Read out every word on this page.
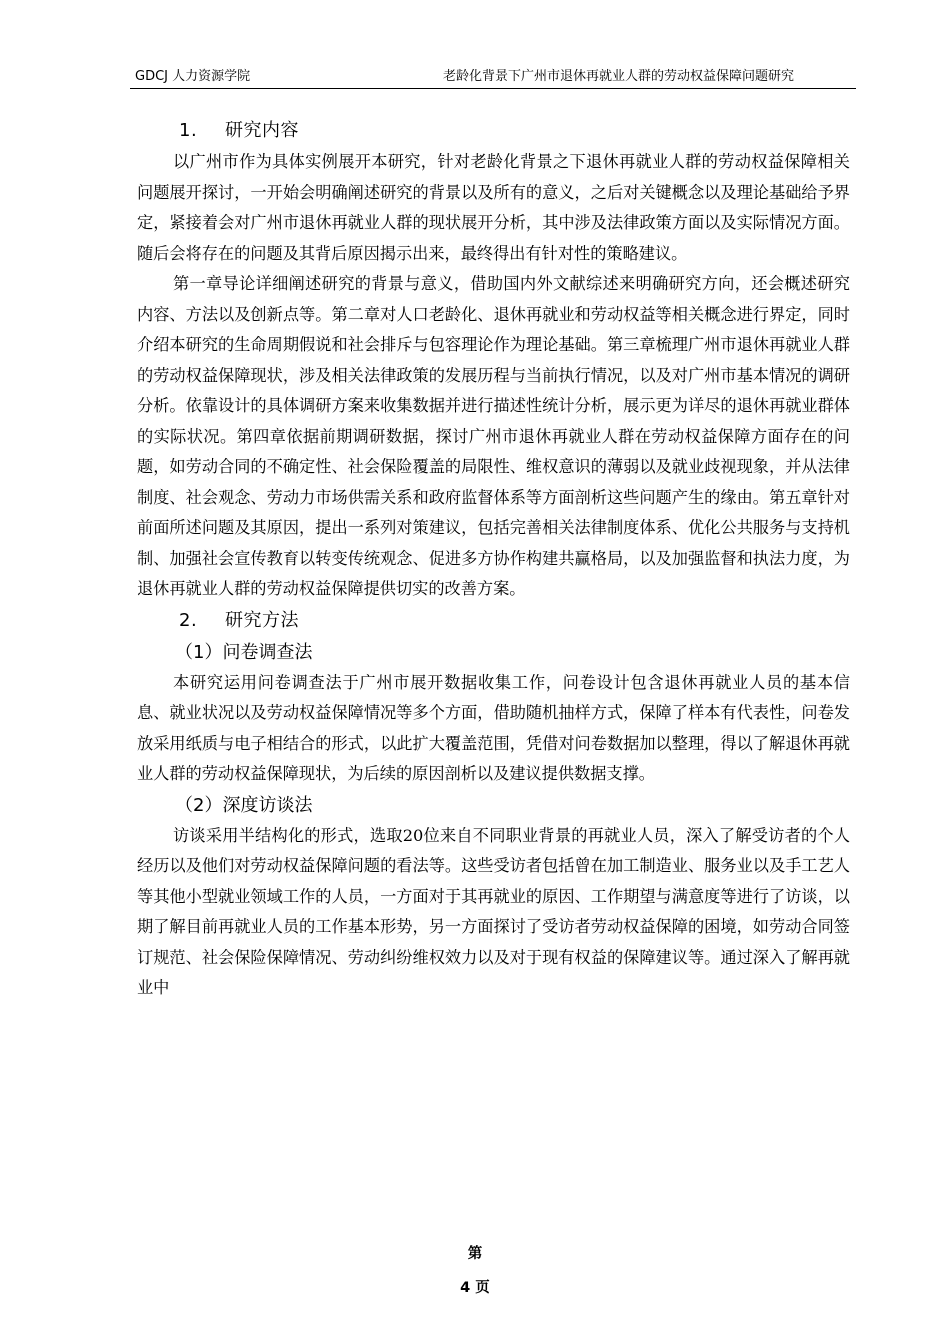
GDCJ 人力资源学院	老龄化背景下广州市退休再就业人群的劳动权益保障问题研究
1. 研究内容

以广州市作为具体实例展开本研究，针对老龄化背景之下退休再就业人群的劳动权益保障相关问题展开探讨，一开始会明确阐述研究的背景以及所有的意义，之后对关键概念以及理论基础给予界定，紧接着会对广州市退休再就业人群的现状展开分析，其中涉及法律政策方面以及实际情况方面。随后会将存在的问题及其背后原因揭示出来，最终得出有针对性的策略建议。

第一章导论详细阐述研究的背景与意义，借助国内外文献综述来明确研究方向，还会概述研究内容、方法以及创新点等。第二章对人口老龄化、退休再就业和劳动权益等相关概念进行界定，同时介绍本研究的生命周期假说和社会排斥与包容理论作为理论基础。第三章梳理广州市退休再就业人群的劳动权益保障现状，涉及相关法律政策的发展历程与当前执行情况，以及对广州市基本情况的调研分析。依靠设计的具体调研方案来收集数据并进行描述性统计分析，展示更为详尽的退休再就业群体的实际状况。第四章依据前期调研数据，探讨广州市退休再就业人群在劳动权益保障方面存在的问题，如劳动合同的不确定性、社会保险覆盖的局限性、维权意识的薄弱以及就业歧视现象，并从法律制度、社会观念、劳动力市场供需关系和政府监督体系等方面剖析这些问题产生的缘由。第五章针对前面所述问题及其原因，提出一系列对策建议，包括完善相关法律制度体系、优化公共服务与支持机制、加强社会宣传教育以转变传统观念、促进多方协作构建共赢格局，以及加强监督和执法力度，为退休再就业人群的劳动权益保障提供切实的改善方案。

2. 研究方法
（1）问卷调查法

本研究运用问卷调查法于广州市展开数据收集工作，问卷设计包含退休再就业人员的基本信息、就业状况以及劳动权益保障情况等多个方面，借助随机抽样方式，保障了样本有代表性，问卷发放采用纸质与电子相结合的形式，以此扩大覆盖范围，凭借对问卷数据加以整理，得以了解退休再就业人群的劳动权益保障现状，为后续的原因剖析以及建议提供数据支撑。

（2）深度访谈法

访谈采用半结构化的形式，选取20位来自不同职业背景的再就业人员，深入了解受访者的个人经历以及他们对劳动权益保障问题的看法等。这些受访者包括曾在加工制造业、服务业以及手工艺人等其他小型就业领域工作的人员，一方面对于其再就业的原因、工作期望与满意度等进行了访谈，以期了解目前再就业人员的工作基本形势，另一方面探讨了受访者劳动权益保障的困境，如劳动合同签订规范、社会保险保障情况、劳动纠纷维权效力以及对于现有权益的保障建议等。通过深入了解再就业中

第
4 页
